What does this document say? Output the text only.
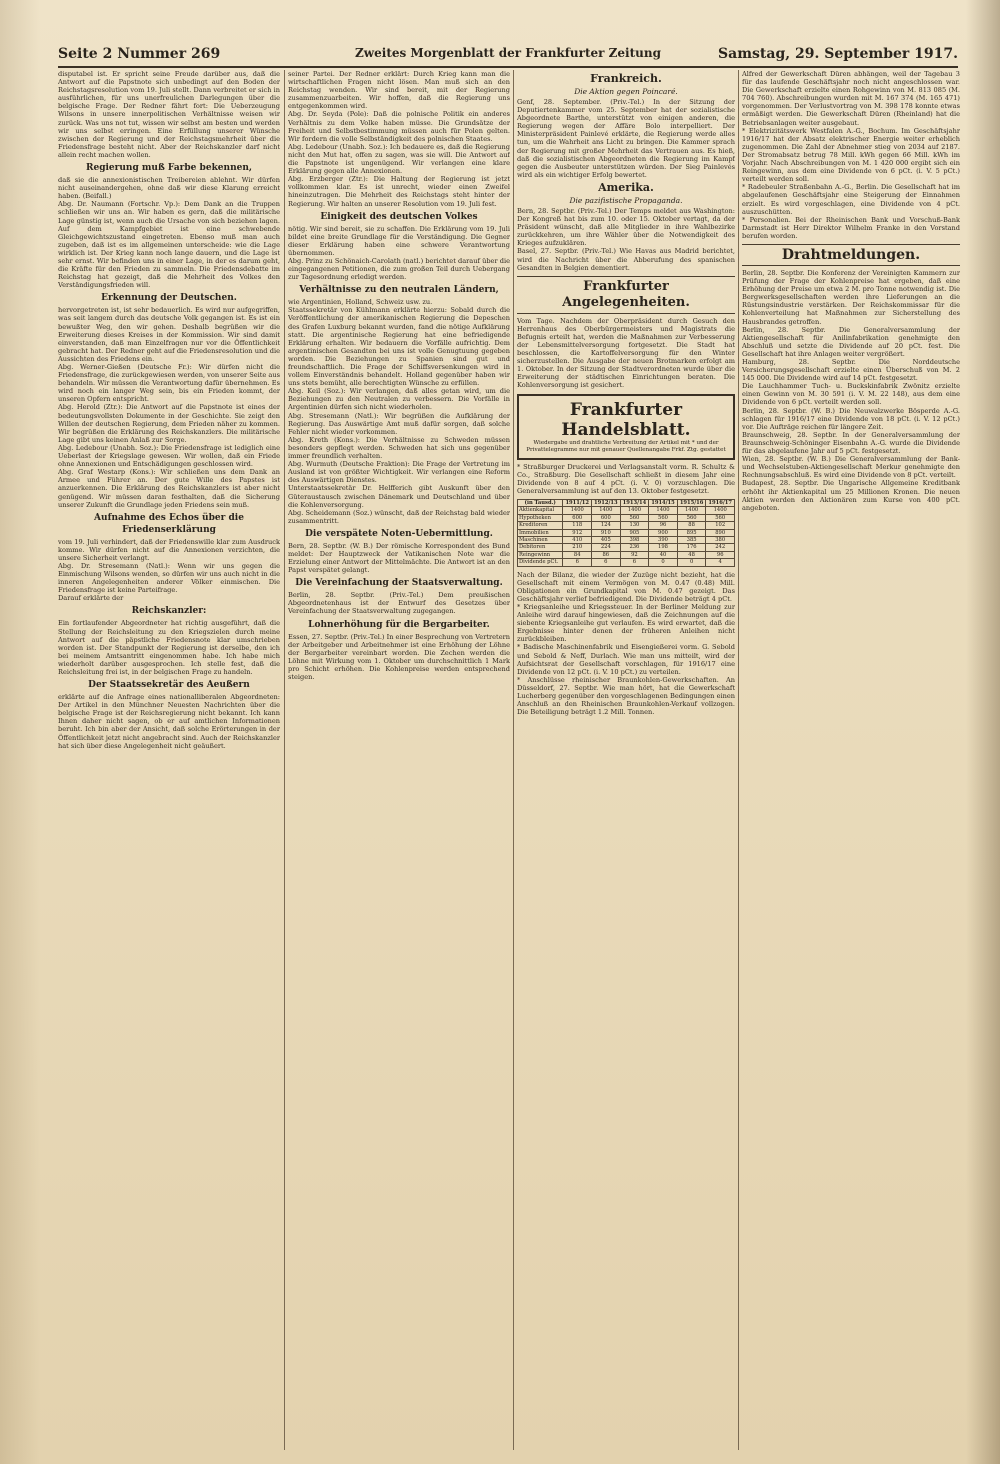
Seite 2 Nummer 269	Zweites Morgenblatt der Frankfurter Zeitung	Samstag, 29. September 1917.

disputabel ist. Er spricht seine Freude darüber aus, daß die Antwort auf die Papstnote sich unbedingt auf den Boden der Reichstagsresolution vom 19. Juli stellt. Dann verbreitet er sich in ausführlichen, für uns unerfreulichen Darlegungen über die belgische Frage. Der Redner fährt fort: Die Ueberzeugung Wilsons in unsere innerpolitischen Verhältnisse weisen wir zurück. Was uns not tut, wissen wir selbst am besten und werden wir uns selbst erringen. Eine Erfüllung unserer Wünsche zwischen der Regierung und der Reichstagsmehrheit über die Friedensfrage besteht nicht. Aber der Reichskanzler darf nicht allein recht machen wollen.

Regierung muß Farbe bekennen,

daß sie die annexionistischen Treibereien ablehnt. Wir dürfen nicht auseinandergehen, ohne daß wir diese Klarung erreicht haben. (Beifall.)

Abg. Dr. Naumann (Fortschr. Vp.): Dem Dank an die Truppen schließen wir uns an. Wir haben es gern, daß die militärische Lage günstig ist, wenn auch die Ursache von sich beziehen lagen. Auf dem Kampfgebiet ist eine schwebende Gleichgewichtszustand eingetreten. Ebenso muß man auch zugeben, daß ist es im allgemeinen unterscheide: wie die Lage wirklich ist. Der Krieg kann noch lange dauern, und die Lage ist sehr ernst. Wir befinden uns in einer Lage, in der es darum geht, die Kräfte für den Frieden zu sammeln. Die Friedensdebatte im Reichstag hat gezeigt, daß die Mehrheit des Volkes den Verständigungsfrieden will.

Erkennung der Deutschen.

hervorgetreten ist, ist sehr bedauerlich. Es wird nur aufgegriffen, was seit langem durch das deutsche Volk gegangen ist. Es ist ein bewußter Weg, den wir gehen. Deshalb begrüßen wir die Erweiterung dieses Kreises in der Kommission. Wir sind damit einverstanden, daß man Einzelfragen nur vor die Öffentlichkeit gebracht hat. Der Redner geht auf die Friedensresolution und die Aussichten des Friedens ein.

Abg. Werner-Gießen (Deutsche Fr.): Wir dürfen nicht die Friedensfrage, die zurückgewiesen werden, von unserer Seite aus behandeln. Wir müssen die Verantwortung dafür übernehmen. Es wird noch ein langer Weg sein, bis ein Frieden kommt, der unseren Opfern entspricht.

Abg. Herold (Ztr.): Die Antwort auf die Papstnote ist eines der bedeutungsvollsten Dokumente in der Geschichte. Sie zeigt den Willen der deutschen Regierung, dem Frieden näher zu kommen. Wir begrüßen die Erklärung des Reichskanzlers. Die militärische Lage gibt uns keinen Anlaß zur Sorge.

Abg. Ledebour (Unabh. Soz.): Die Friedensfrage ist lediglich eine Ueberlast der Kriegslage gewesen. Wir wollen, daß ein Friede ohne Annexionen und Entschädigungen geschlossen wird.

Abg. Graf Westarp (Kons.): Wir schließen uns dem Dank an Armee und Führer an. Der gute Wille des Papstes ist anzuerkennen. Die Erklärung des Reichskanzlers ist aber nicht genügend. Wir müssen daran festhalten, daß die Sicherung unserer Zukunft die Grundlage jeden Friedens sein muß.

Aufnahme des Echos über die Friedenserklärung

vom 19. Juli verhindert, daß der Friedenswille klar zum Ausdruck komme. Wir dürfen nicht auf die Annexionen verzichten, die unsere Sicherheit verlangt.

Abg. Dr. Stresemann (Natl.): Wenn wir uns gegen die Einmischung Wilsons wenden, so dürfen wir uns auch nicht in die inneren Angelegenheiten anderer Völker einmischen. Die Friedensfrage ist keine Parteifrage.

Darauf erklärte der

Reichskanzler:

Ein fortlaufender Abgeordneter hat richtig ausgeführt, daß die Stellung der Reichsleitung zu den Kriegszielen durch meine Antwort auf die päpstliche Friedensnote klar umschrieben worden ist. Der Standpunkt der Regierung ist derselbe, den ich bei meinem Amtsantritt eingenommen habe. Ich habe mich wiederholt darüber ausgesprochen. Ich stelle fest, daß die Reichsleitung frei ist, in der belgischen Frage zu handeln.

Der Staatssekretär des Aeußern

erklärte auf die Anfrage eines nationalliberalen Abgeordneten: Der Artikel in den Münchner Neuesten Nachrichten über die belgische Frage ist der Reichsregierung nicht bekannt. Ich kann Ihnen daher nicht sagen, ob er auf amtlichen Informationen beruht. Ich bin aber der Ansicht, daß solche Erörterungen in der Öffentlichkeit jetzt nicht angebracht sind. Auch der Reichskanzler hat sich über diese Angelegenheit nicht geäußert.

seiner Partei. Der Redner erklärt: Durch Krieg kann man die wirtschaftlichen Fragen nicht lösen. Man muß sich an den Reichstag wenden. Wir sind bereit, mit der Regierung zusammenzuarbeiten. Wir hoffen, daß die Regierung uns entgegenkommen wird.

Abg. Dr. Seyda (Pole): Daß die polnische Politik ein anderes Verhältnis zu dem Volke haben müsse. Die Grundsätze der Freiheit und Selbstbestimmung müssen auch für Polen gelten. Wir fordern die volle Selbständigkeit des polnischen Staates.

Abg. Ledebour (Unabh. Soz.): Ich bedauere es, daß die Regierung nicht den Mut hat, offen zu sagen, was sie will. Die Antwort auf die Papstnote ist ungenügend. Wir verlangen eine klare Erklärung gegen alle Annexionen.

Abg. Erzberger (Ztr.): Die Haltung der Regierung ist jetzt vollkommen klar. Es ist unrecht, wieder einen Zweifel hineinzutragen. Die Mehrheit des Reichstags steht hinter der Regierung. Wir halten an unserer Resolution vom 19. Juli fest.

Einigkeit des deutschen Volkes

nötig. Wir sind bereit, sie zu schaffen. Die Erklärung vom 19. Juli bildet eine breite Grundlage für die Verständigung. Die Gegner dieser Erklärung haben eine schwere Verantwortung übernommen.

Abg. Prinz zu Schönaich-Carolath (natl.) berichtet darauf über die eingegangenen Petitionen, die zum großen Teil durch Uebergang zur Tagesordnung erledigt werden.

Verhältnisse zu den neutralen Ländern,

wie Argentinien, Holland, Schweiz usw. zu.

Staatssekretär von Kühlmann erklärte hierzu: Sobald durch die Veröffentlichung der amerikanischen Regierung die Depeschen des Grafen Luxburg bekannt wurden, fand die nötige Aufklärung statt. Die argentinische Regierung hat eine befriedigende Erklärung erhalten. Wir bedauern die Vorfälle aufrichtig. Dem argentinischen Gesandten bei uns ist volle Genugtuung gegeben worden. Die Beziehungen zu Spanien sind gut und freundschaftlich. Die Frage der Schiffsversenkungen wird in vollem Einverständnis behandelt. Holland gegenüber haben wir uns stets bemüht, alle berechtigten Wünsche zu erfüllen.

Abg. Keil (Soz.): Wir verlangen, daß alles getan wird, um die Beziehungen zu den Neutralen zu verbessern. Die Vorfälle in Argentinien dürfen sich nicht wiederholen.

Abg. Stresemann (Natl.): Wir begrüßen die Aufklärung der Regierung. Das Auswärtige Amt muß dafür sorgen, daß solche Fehler nicht wieder vorkommen.

Abg. Kreth (Kons.): Die Verhältnisse zu Schweden müssen besonders gepflegt werden. Schweden hat sich uns gegenüber immer freundlich verhalten.

Abg. Wurmuth (Deutsche Fraktion): Die Frage der Vertretung im Ausland ist von größter Wichtigkeit. Wir verlangen eine Reform des Auswärtigen Dienstes.

Unterstaatssekretär Dr. Helfferich gibt Auskunft über den Güteraustausch zwischen Dänemark und Deutschland und über die Kohlenversorgung.

Abg. Scheidemann (Soz.) wünscht, daß der Reichstag bald wieder zusammentritt.

Die verspätete Noten-Uebermittlung.

Bern, 28. Septbr. (W. B.) Der römische Korrespondent des Bund meldet: Der Hauptzweck der Vatikanischen Note war die Erzielung einer Antwort der Mittelmächte. Die Antwort ist an den Papst verspätet gelangt.

Die Vereinfachung der Staatsverwaltung.

Berlin, 28. Septbr. (Priv.-Tel.) Dem preußischen Abgeordnetenhaus ist der Entwurf des Gesetzes über Vereinfachung der Staatsverwaltung zugegangen.

Lohnerhöhung für die Bergarbeiter.

Essen, 27. Septbr. (Priv.-Tel.) In einer Besprechung von Vertretern der Arbeitgeber und Arbeitnehmer ist eine Erhöhung der Löhne der Bergarbeiter vereinbart worden. Die Zechen werden die Löhne mit Wirkung vom 1. Oktober um durchschnittlich 1 Mark pro Schicht erhöhen. Die Kohlenpreise werden entsprechend steigen.

Frankreich.
Die Aktion gegen Poincaré.

Genf, 28. September. (Priv.-Tel.) In der Sitzung der Deputiertenkammer vom 25. September hat der sozialistische Abgeordnete Barthe, unterstützt von einigen anderen, die Regierung wegen der Affäre Bolo interpelliert. Der Ministerpräsident Painlevé erklärte, die Regierung werde alles tun, um die Wahrheit ans Licht zu bringen. Die Kammer sprach der Regierung mit großer Mehrheit das Vertrauen aus. Es hieß, daß die sozialistischen Abgeordneten die Regierung im Kampf gegen die Ausbeuter unterstützen würden. Der Sieg Painlevés wird als ein wichtiger Erfolg bewertet.

Amerika.
Die pazifistische Propaganda.

Bern, 28. Septbr. (Priv.-Tel.) Der Temps meldet aus Washington: Der Kongreß hat bis zum 10. oder 15. Oktober vertagt, da der Präsident wünscht, daß alle Mitglieder in ihre Wahlbezirke zurückkehren, um ihre Wähler über die Notwendigkeit des Krieges aufzuklären.

Basel, 27. Septbr. (Priv.-Tel.) Wie Havas aus Madrid berichtet, wird die Nachricht über die Abberufung des spanischen Gesandten in Belgien dementiert.

Frankfurter Angelegenheiten.

Vom Tage. Nachdem der Oberpräsident durch Gesuch den Herrenhaus des Oberbürgermeisters und Magistrats die Befugnis erteilt hat, werden die Maßnahmen zur Verbesserung der Lebensmittelversorgung fortgesetzt. Die Stadt hat beschlossen, die Kartoffelversorgung für den Winter sicherzustellen. Die Ausgabe der neuen Brotmarken erfolgt am 1. Oktober. In der Sitzung der Stadtverordneten wurde über die Erweiterung der städtischen Einrichtungen beraten. Die Kohlenversorgung ist gesichert.

Frankfurter Handelsblatt.
Wiedergabe und drahtliche Verbreitung der Artikel mit * und der Privattelegramme nur mit genauer Quellenangabe Frkf. Ztg. gestattet

* Straßburger Druckerei und Verlagsanstalt vorm. R. Schultz & Co., Straßburg. Die Gesellschaft schließt in diesem Jahr eine Dividende von 8 auf 4 pCt. (i. V. 0) vorzuschlagen. Die Generalversammlung ist auf den 13. Oktober festgesetzt.

(in Tausd.)	1911/12	1912/13	1913/14	1914/15	1915/16	1916/17
Aktienkapital	1400	1400	1400	1400	1400	1400
Hypotheken	600	600	560	560	560	560
Kreditoren	118	124	130	96	88	102
Immobilien	912	910	905	900	895	890
Maschinen	410	405	398	390	385	380
Debitoren	210	224	236	198	176	242
Reingewinn	84	86	92	40	48	96
Dividende pCt.	6	6	6	0	0	4

Nach der Bilanz, die wieder der Zuzüge nicht bezieht, hat die Gesellschaft mit einem Vermögen von M. 0.47 (0.48) Mill. Obligationen ein Grundkapital von M. 0.47 gezeigt. Das Geschäftsjahr verlief befriedigend. Die Dividende beträgt 4 pCt.

* Kriegsanleihe und Kriegssteuer. In der Berliner Meldung zur Anleihe wird darauf hingewiesen, daß die Zeichnungen auf die siebente Kriegsanleihe gut verlaufen. Es wird erwartet, daß die Ergebnisse hinter denen der früheren Anleihen nicht zurückbleiben.

* Badische Maschinenfabrik und Eisengießerei vorm. G. Sebold und Sebold & Neff, Durlach. Wie man uns mitteilt, wird der Aufsichtsrat der Gesellschaft vorschlagen, für 1916/17 eine Dividende von 12 pCt. (i. V. 10 pCt.) zu verteilen.

* Anschlüsse rheinischer Braunkohlen-Gewerkschaften. An Düsseldorf, 27. Septbr. Wie man hört, hat die Gewerkschaft Lucherberg gegenüber den vorgeschlagenen Bedingungen einen Anschluß an den Rheinischen Braunkohlen-Verkauf vollzogen. Die Beteiligung beträgt 1.2 Mill. Tonnen.

Alfred der Gewerkschaft Düren abhängen, weil der Tagebau 3 für das laufende Geschäftsjahr noch nicht angeschlossen war. Die Gewerkschaft erzielte einen Rohgewinn von M. 813 085 (M. 704 760). Abschreibungen wurden mit M. 167 374 (M. 165 471) vorgenommen. Der Verlustvortrag von M. 398 178 konnte etwas ermäßigt werden. Die Gewerkschaft Düren (Rheinland) hat die Betriebsanlagen weiter ausgebaut.

* Elektrizitätswerk Westfalen A.-G., Bochum. Im Geschäftsjahr 1916/17 hat der Absatz elektrischer Energie weiter erheblich zugenommen. Die Zahl der Abnehmer stieg von 2034 auf 2187. Der Stromabsatz betrug 78 Mill. kWh gegen 66 Mill. kWh im Vorjahr. Nach Abschreibungen von M. 1 420 000 ergibt sich ein Reingewinn, aus dem eine Dividende von 6 pCt. (i. V. 5 pCt.) verteilt werden soll.

* Radebeuler Straßenbahn A.-G., Berlin. Die Gesellschaft hat im abgelaufenen Geschäftsjahr eine Steigerung der Einnahmen erzielt. Es wird vorgeschlagen, eine Dividende von 4 pCt. auszuschütten.

* Personalien. Bei der Rheinischen Bank und Vorschuß-Bank Darmstadt ist Herr Direktor Wilhelm Franke in den Vorstand berufen worden.

Drahtmeldungen.

Berlin, 28. Septbr. Die Konferenz der Vereinigten Kammern zur Prüfung der Frage der Kohlenpreise hat ergeben, daß eine Erhöhung der Preise um etwa 2 M. pro Tonne notwendig ist. Die Bergwerksgesellschaften werden ihre Lieferungen an die Rüstungsindustrie verstärken. Der Reichskommissar für die Kohlenverteilung hat Maßnahmen zur Sicherstellung des Hausbrandes getroffen.

Berlin, 28. Septbr. Die Generalversammlung der Aktiengesellschaft für Anilinfabrikation genehmigte den Abschluß und setzte die Dividende auf 20 pCt. fest. Die Gesellschaft hat ihre Anlagen weiter vergrößert.

Hamburg, 28. Septbr. Die Norddeutsche Versicherungsgesellschaft erzielte einen Überschuß von M. 2 145 000. Die Dividende wird auf 14 pCt. festgesetzt.

Die Lauchhammer Tuch- u. Buckskinfabrik Zwönitz erzielte einen Gewinn von M. 30 591 (i. V. M. 22 148), aus dem eine Dividende von 6 pCt. verteilt werden soll.

Berlin, 28. Septbr. (W. B.) Die Neuwalzwerke Bösperde A.-G. schlagen für 1916/17 eine Dividende von 18 pCt. (i. V. 12 pCt.) vor. Die Aufträge reichen für längere Zeit.

Braunschweig, 28. Septbr. In der Generalversammlung der Braunschweig-Schöninger Eisenbahn A.-G. wurde die Dividende für das abgelaufene Jahr auf 5 pCt. festgesetzt.

Wien, 28. Septbr. (W. B.) Die Generalversammlung der Bank- und Wechselstuben-Aktiengesellschaft Merkur genehmigte den Rechnungsabschluß. Es wird eine Dividende von 8 pCt. verteilt.

Budapest, 28. Septbr. Die Ungarische Allgemeine Kreditbank erhöht ihr Aktienkapital um 25 Millionen Kronen. Die neuen Aktien werden den Aktionären zum Kurse von 400 pCt. angeboten.
